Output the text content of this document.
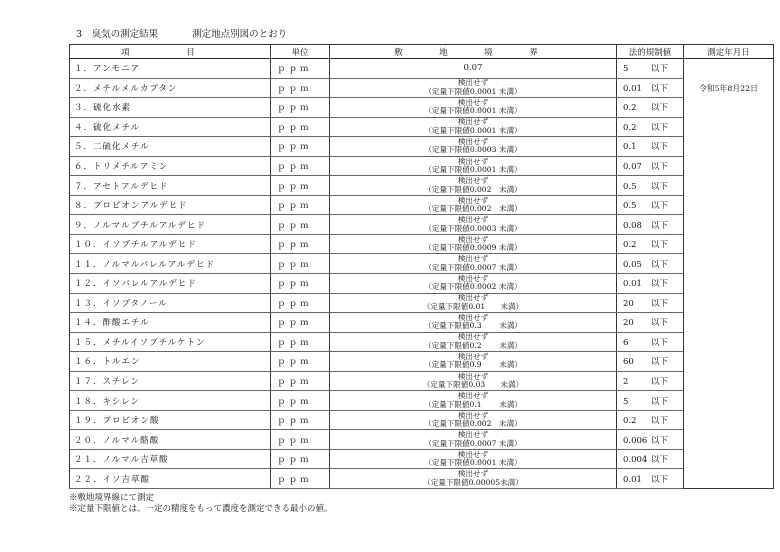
3　 臭気の測定結果	測定地点別図のとおり
項　目	単位	敷　地　境　界	法的規制値	測定年月日
１．アンモニア	ｐｐｍ	0.07	5 以下	令和5年8月22日
２．メチルメルカプタン	ｐｐｍ	検出せず
（定量下限値0.0001 未満）	0.01 以下	
３．硫化水素	ｐｐｍ	検出せず
（定量下限値0.0001 未満）	0.2 以下	
４．硫化メチル	ｐｐｍ	検出せず
（定量下限値0.0001 未満）	0.2 以下	
５．二硫化メチル	ｐｐｍ	検出せず
（定量下限値0.0003 未満）	0.1 以下	
６．トリメチルアミン	ｐｐｍ	検出せず
（定量下限値0.0001 未満）	0.07 以下	
７．アセトアルデヒド	ｐｐｍ	検出せず
（定量下限値0.002　未満）	0.5 以下	
８．プロピオンアルデヒド	ｐｐｍ	検出せず
（定量下限値0.002　未満）	0.5 以下	
９．ノルマルブチルアルデヒド	ｐｐｍ	検出せず
（定量下限値0.0003 未満）	0.08 以下	
１０．イソブチルアルデヒド	ｐｐｍ	検出せず
（定量下限値0.0009 未満）	0.2 以下	
１１．ノルマルバレルアルデヒド	ｐｐｍ	検出せず
（定量下限値0.0007 未満）	0.05 以下	
１２．イソバレルアルデヒド	ｐｐｍ	検出せず
（定量下限値0.0002 未満）	0.01 以下	
１３．イソブタノール	ｐｐｍ	検出せず
（定量下限値0.01　　未満）	20 以下	
１４．酢酸エチル	ｐｐｍ	検出せず
（定量下限値0.3　　 未満）	20 以下	
１５．メチルイソブチルケトン	ｐｐｍ	検出せず
（定量下限値0.2　　 未満）	6 以下	
１６．トルエン	ｐｐｍ	検出せず
（定量下限値0.9　　 未満）	60 以下	
１７．スチレン	ｐｐｍ	検出せず
（定量下限値0.03　　未満）	2 以下	
１８．キシレン	ｐｐｍ	検出せず
（定量下限値0.1　　 未満）	5 以下	
１９．プロピオン酸	ｐｐｍ	検出せず
（定量下限値0.002　未満）	0.2 以下	
２０．ノルマル酪酸	ｐｐｍ	検出せず
（定量下限値0.0007 未満）	0.006 以下	
２１．ノルマル吉草酸	ｐｐｍ	検出せず
（定量下限値0.0001 未満）	0.004 以下	
２２．イソ吉草酸	ｐｐｍ	検出せず
（定量下限値0.00005未満）	0.01 以下	
※敷地境界線にて測定
※定量下限値とは、一定の精度をもって濃度を測定できる最小の値。
